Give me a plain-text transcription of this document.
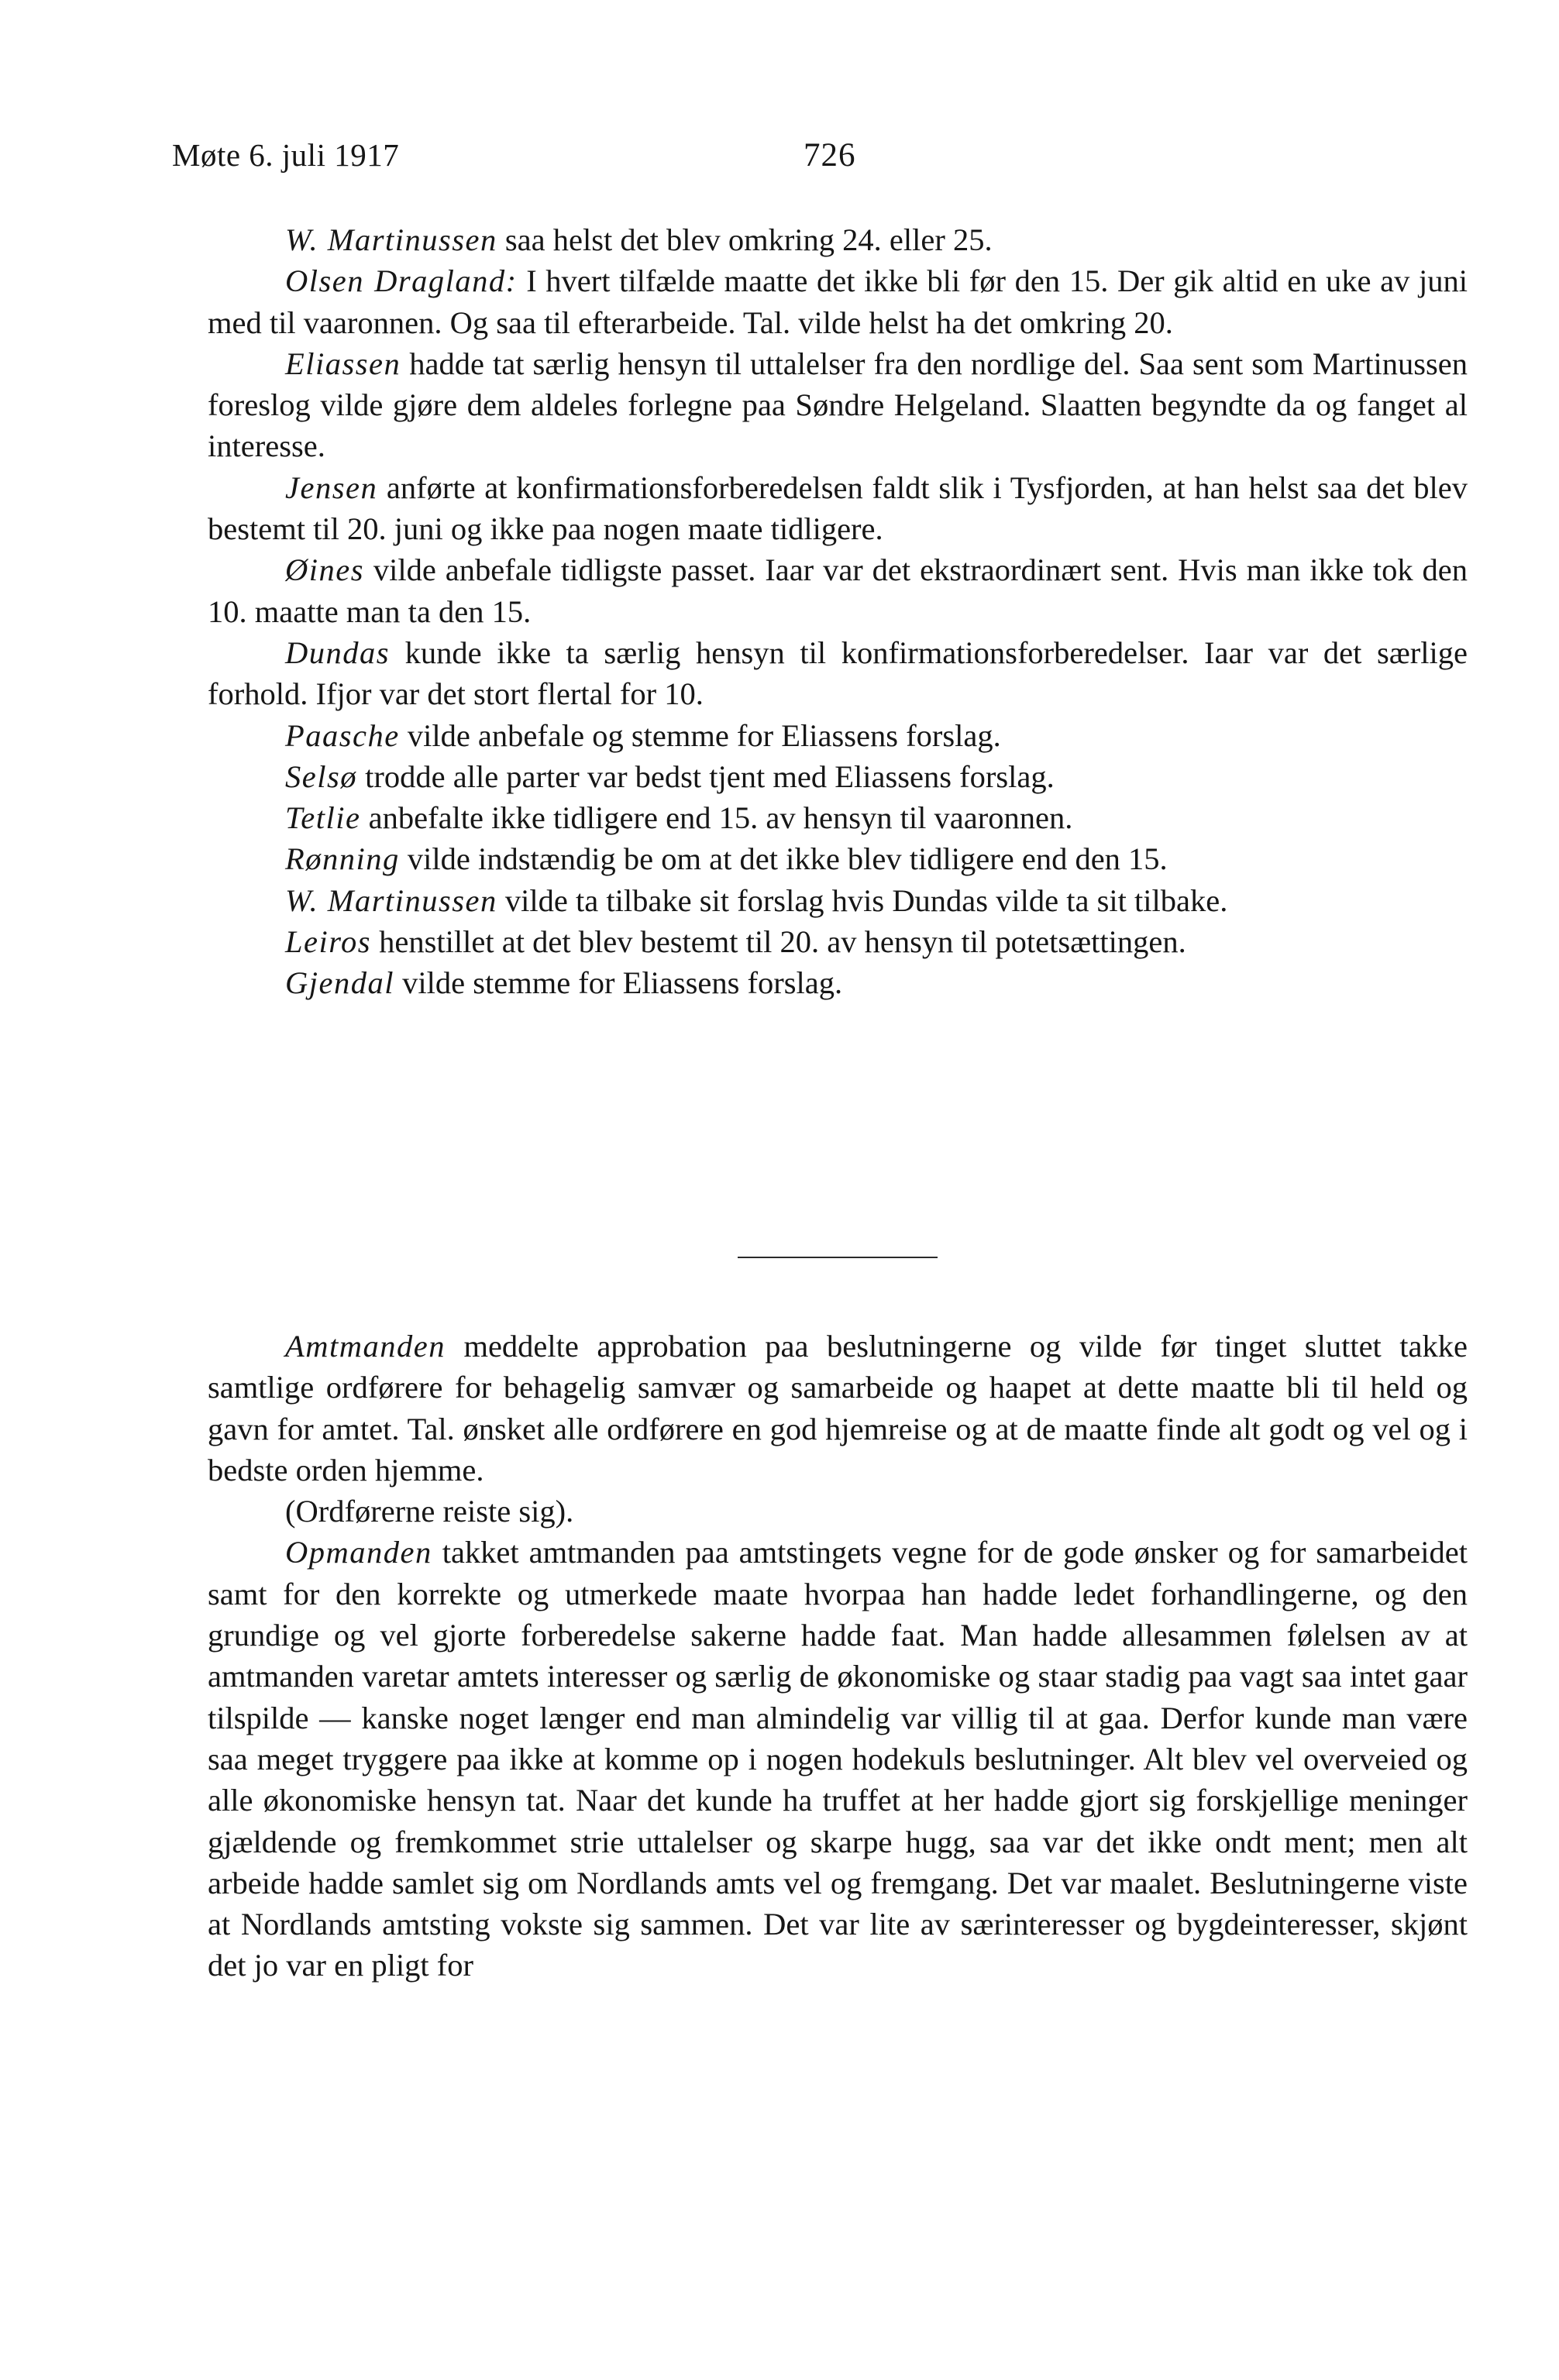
Møte 6. juli 1917	726

W. Martinussen saa helst det blev omkring 24. eller 25.

Olsen Dragland: I hvert tilfælde maatte det ikke bli før den 15. Der gik altid en uke av juni med til vaaronnen. Og saa til efterarbeide. Tal. vilde helst ha det omkring 20.

Eliassen hadde tat særlig hensyn til uttalelser fra den nordlige del. Saa sent som Martinussen foreslog vilde gjøre dem aldeles forlegne paa Søndre Helgeland. Slaatten begyndte da og fanget al interesse.

Jensen anførte at konfirmationsforberedelsen faldt slik i Tysfjorden, at han helst saa det blev bestemt til 20. juni og ikke paa nogen maate tidligere.

Øines vilde anbefale tidligste passet. Iaar var det ekstraordinært sent. Hvis man ikke tok den 10. maatte man ta den 15.

Dundas kunde ikke ta særlig hensyn til konfirmationsforberedelser. Iaar var det særlige forhold. Ifjor var det stort flertal for 10.

Paasche vilde anbefale og stemme for Eliassens forslag.

Selsø trodde alle parter var bedst tjent med Eliassens forslag.

Tetlie anbefalte ikke tidligere end 15. av hensyn til vaaronnen.

Rønning vilde indstændig be om at det ikke blev tidligere end den 15.

W. Martinussen vilde ta tilbake sit forslag hvis Dundas vilde ta sit tilbake.

Leiros henstillet at det blev bestemt til 20. av hensyn til potetsættingen.

Gjendal vilde stemme for Eliassens forslag.

Amtmanden meddelte approbation paa beslutningerne og vilde før tinget sluttet takke samtlige ordførere for behagelig samvær og samarbeide og haapet at dette maatte bli til held og gavn for amtet. Tal. ønsket alle ordførere en god hjemreise og at de maatte finde alt godt og vel og i bedste orden hjemme.

(Ordførerne reiste sig).

Opmanden takket amtmanden paa amtstingets vegne for de gode ønsker og for samarbeidet samt for den korrekte og utmerkede maate hvorpaa han hadde ledet forhandlingerne, og den grundige og vel gjorte forberedelse sakerne hadde faat. Man hadde allesammen følelsen av at amtmanden varetar amtets interesser og særlig de økonomiske og staar stadig paa vagt saa intet gaar tilspilde — kanske noget længer end man almindelig var villig til at gaa. Derfor kunde man være saa meget tryggere paa ikke at komme op i nogen hodekuls beslutninger. Alt blev vel overveied og alle økonomiske hensyn tat. Naar det kunde ha truffet at her hadde gjort sig forskjellige meninger gjældende og fremkommet strie uttalelser og skarpe hugg, saa var det ikke ondt ment; men alt arbeide hadde samlet sig om Nordlands amts vel og fremgang. Det var maalet. Beslutningerne viste at Nordlands amtsting vokste sig sammen. Det var lite av særinteresser og bygdeinteresser, skjønt det jo var en pligt for
